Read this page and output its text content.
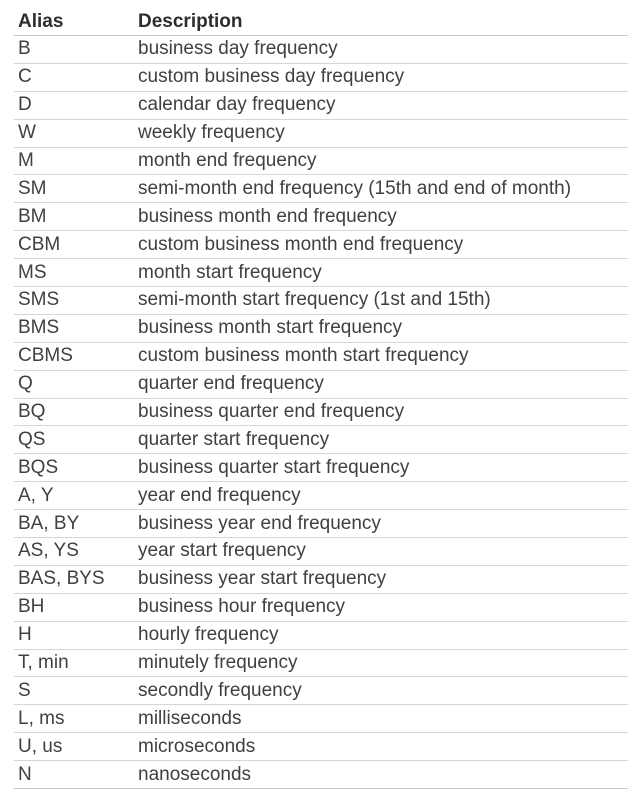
Alias	Description
B	business day frequency
C	custom business day frequency
D	calendar day frequency
W	weekly frequency
M	month end frequency
SM	semi-month end frequency (15th and end of month)
BM	business month end frequency
CBM	custom business month end frequency
MS	month start frequency
SMS	semi-month start frequency (1st and 15th)
BMS	business month start frequency
CBMS	custom business month start frequency
Q	quarter end frequency
BQ	business quarter end frequency
QS	quarter start frequency
BQS	business quarter start frequency
A, Y	year end frequency
BA, BY	business year end frequency
AS, YS	year start frequency
BAS, BYS	business year start frequency
BH	business hour frequency
H	hourly frequency
T, min	minutely frequency
S	secondly frequency
L, ms	milliseconds
U, us	microseconds
N	nanoseconds
